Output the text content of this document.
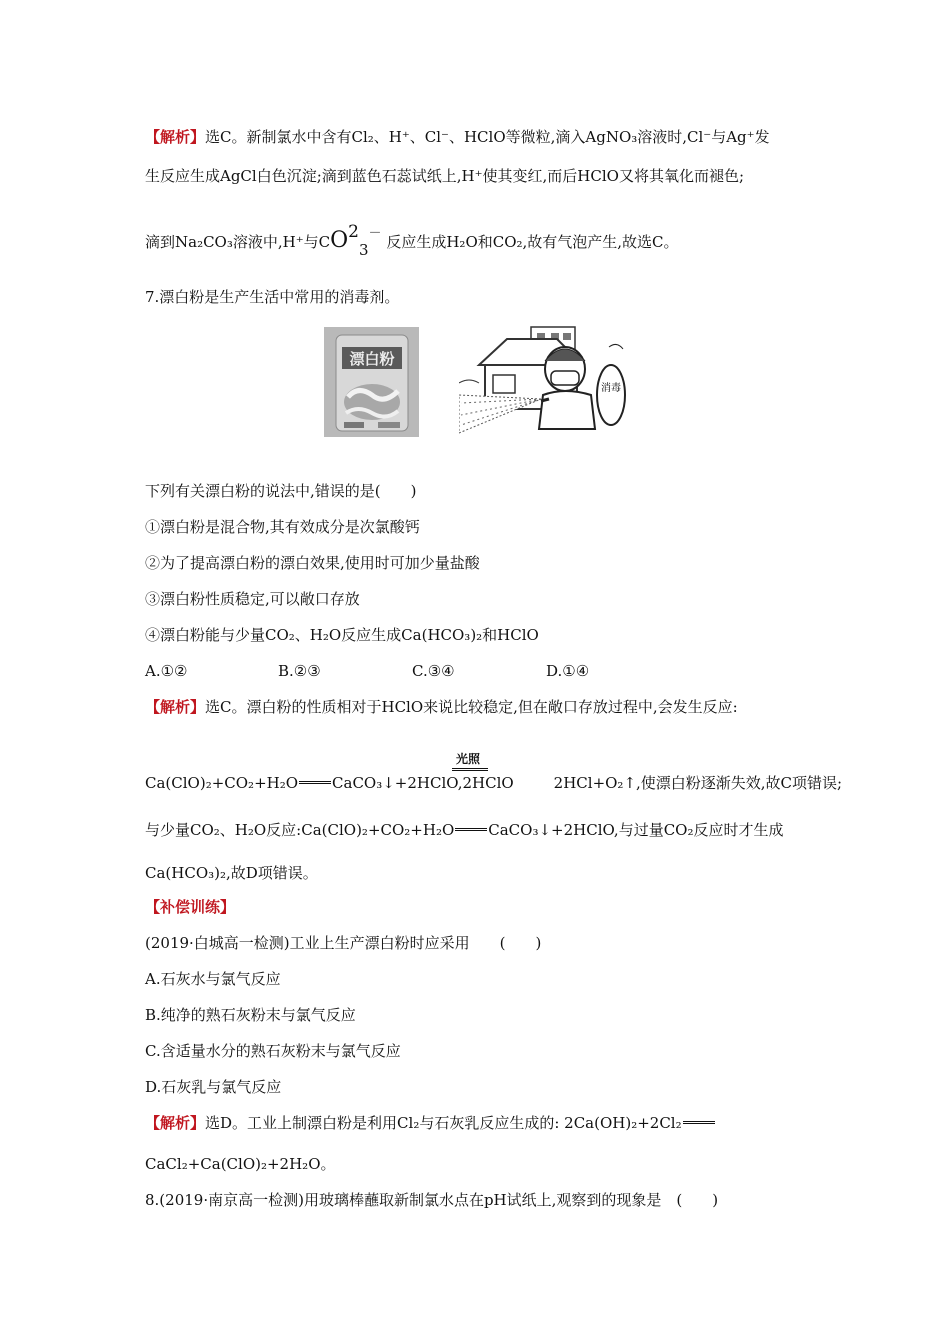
【解析】选C。新制氯水中含有Cl₂、H⁺、Cl⁻、HClO等微粒,滴入AgNO₃溶液时,Cl⁻与Ag⁺发
生反应生成AgCl白色沉淀;滴到蓝色石蕊试纸上,H⁺使其变红,而后HClO又将其氧化而褪色;
滴到Na₂CO₃溶液中,H⁺与$CO^2_3^-$ 反应生成H₂O和CO₂,故有气泡产生,故选C。
7.漂白粉是生产生活中常用的消毒剂。
漂白粉
消毒
下列有关漂白粉的说法中,错误的是(　　)
①漂白粉是混合物,其有效成分是次氯酸钙
②为了提高漂白粉的漂白效果,使用时可加少量盐酸
③漂白粉性质稳定,可以敞口存放
④漂白粉能与少量CO₂、H₂O反应生成Ca(HCO₃)₂和HClO
A.①②	B.②③	C.③④	D.①④
【解析】选C。漂白粉的性质相对于HClO来说比较稳定,但在敞口存放过程中,会发生反应:
光照
Ca(ClO)₂+CO₂+H₂O CaCO₃↓+2HClO,2HClO	2HCl+O₂↑,使漂白粉逐渐失效,故C项错误;
与少量CO₂、H₂O反应:Ca(ClO)₂+CO₂+H₂O CaCO₃↓+2HClO,与过量CO₂反应时才生成
Ca(HCO₃)₂,故D项错误。
【补偿训练】
(2019·白城高一检测)工业上生产漂白粉时应采用　　(　　)
A.石灰水与氯气反应
B.纯净的熟石灰粉末与氯气反应
C.含适量水分的熟石灰粉末与氯气反应
D.石灰乳与氯气反应
【解析】选D。工业上制漂白粉是利用Cl₂与石灰乳反应生成的: 2Ca(OH)₂+2Cl₂
CaCl₂+Ca(ClO)₂+2H₂O。
8.(2019·南京高一检测)用玻璃棒蘸取新制氯水点在pH试纸上,观察到的现象是　(　　)
